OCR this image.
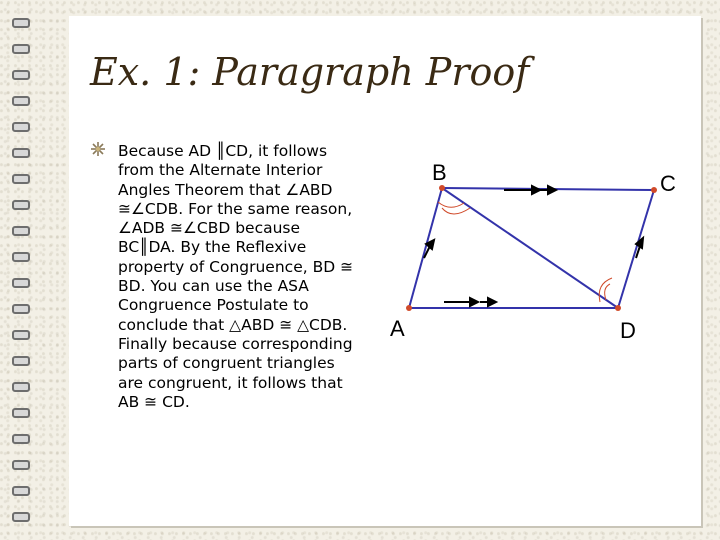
Ex. 1: Paragraph Proof
Because AD ║CD, it follows
from the Alternate Interior
Angles Theorem that ∠ABD
≅∠CDB. For the same reason,
∠ADB ≅∠CBD because
BC║DA. By the Reflexive
property of Congruence, BD ≅
BD. You can use the ASA
Congruence Postulate to
conclude that △ABD ≅ △CDB.
Finally because corresponding
parts of congruent triangles
are congruent, it follows that
AB ≅ CD.
B	C
A	D
